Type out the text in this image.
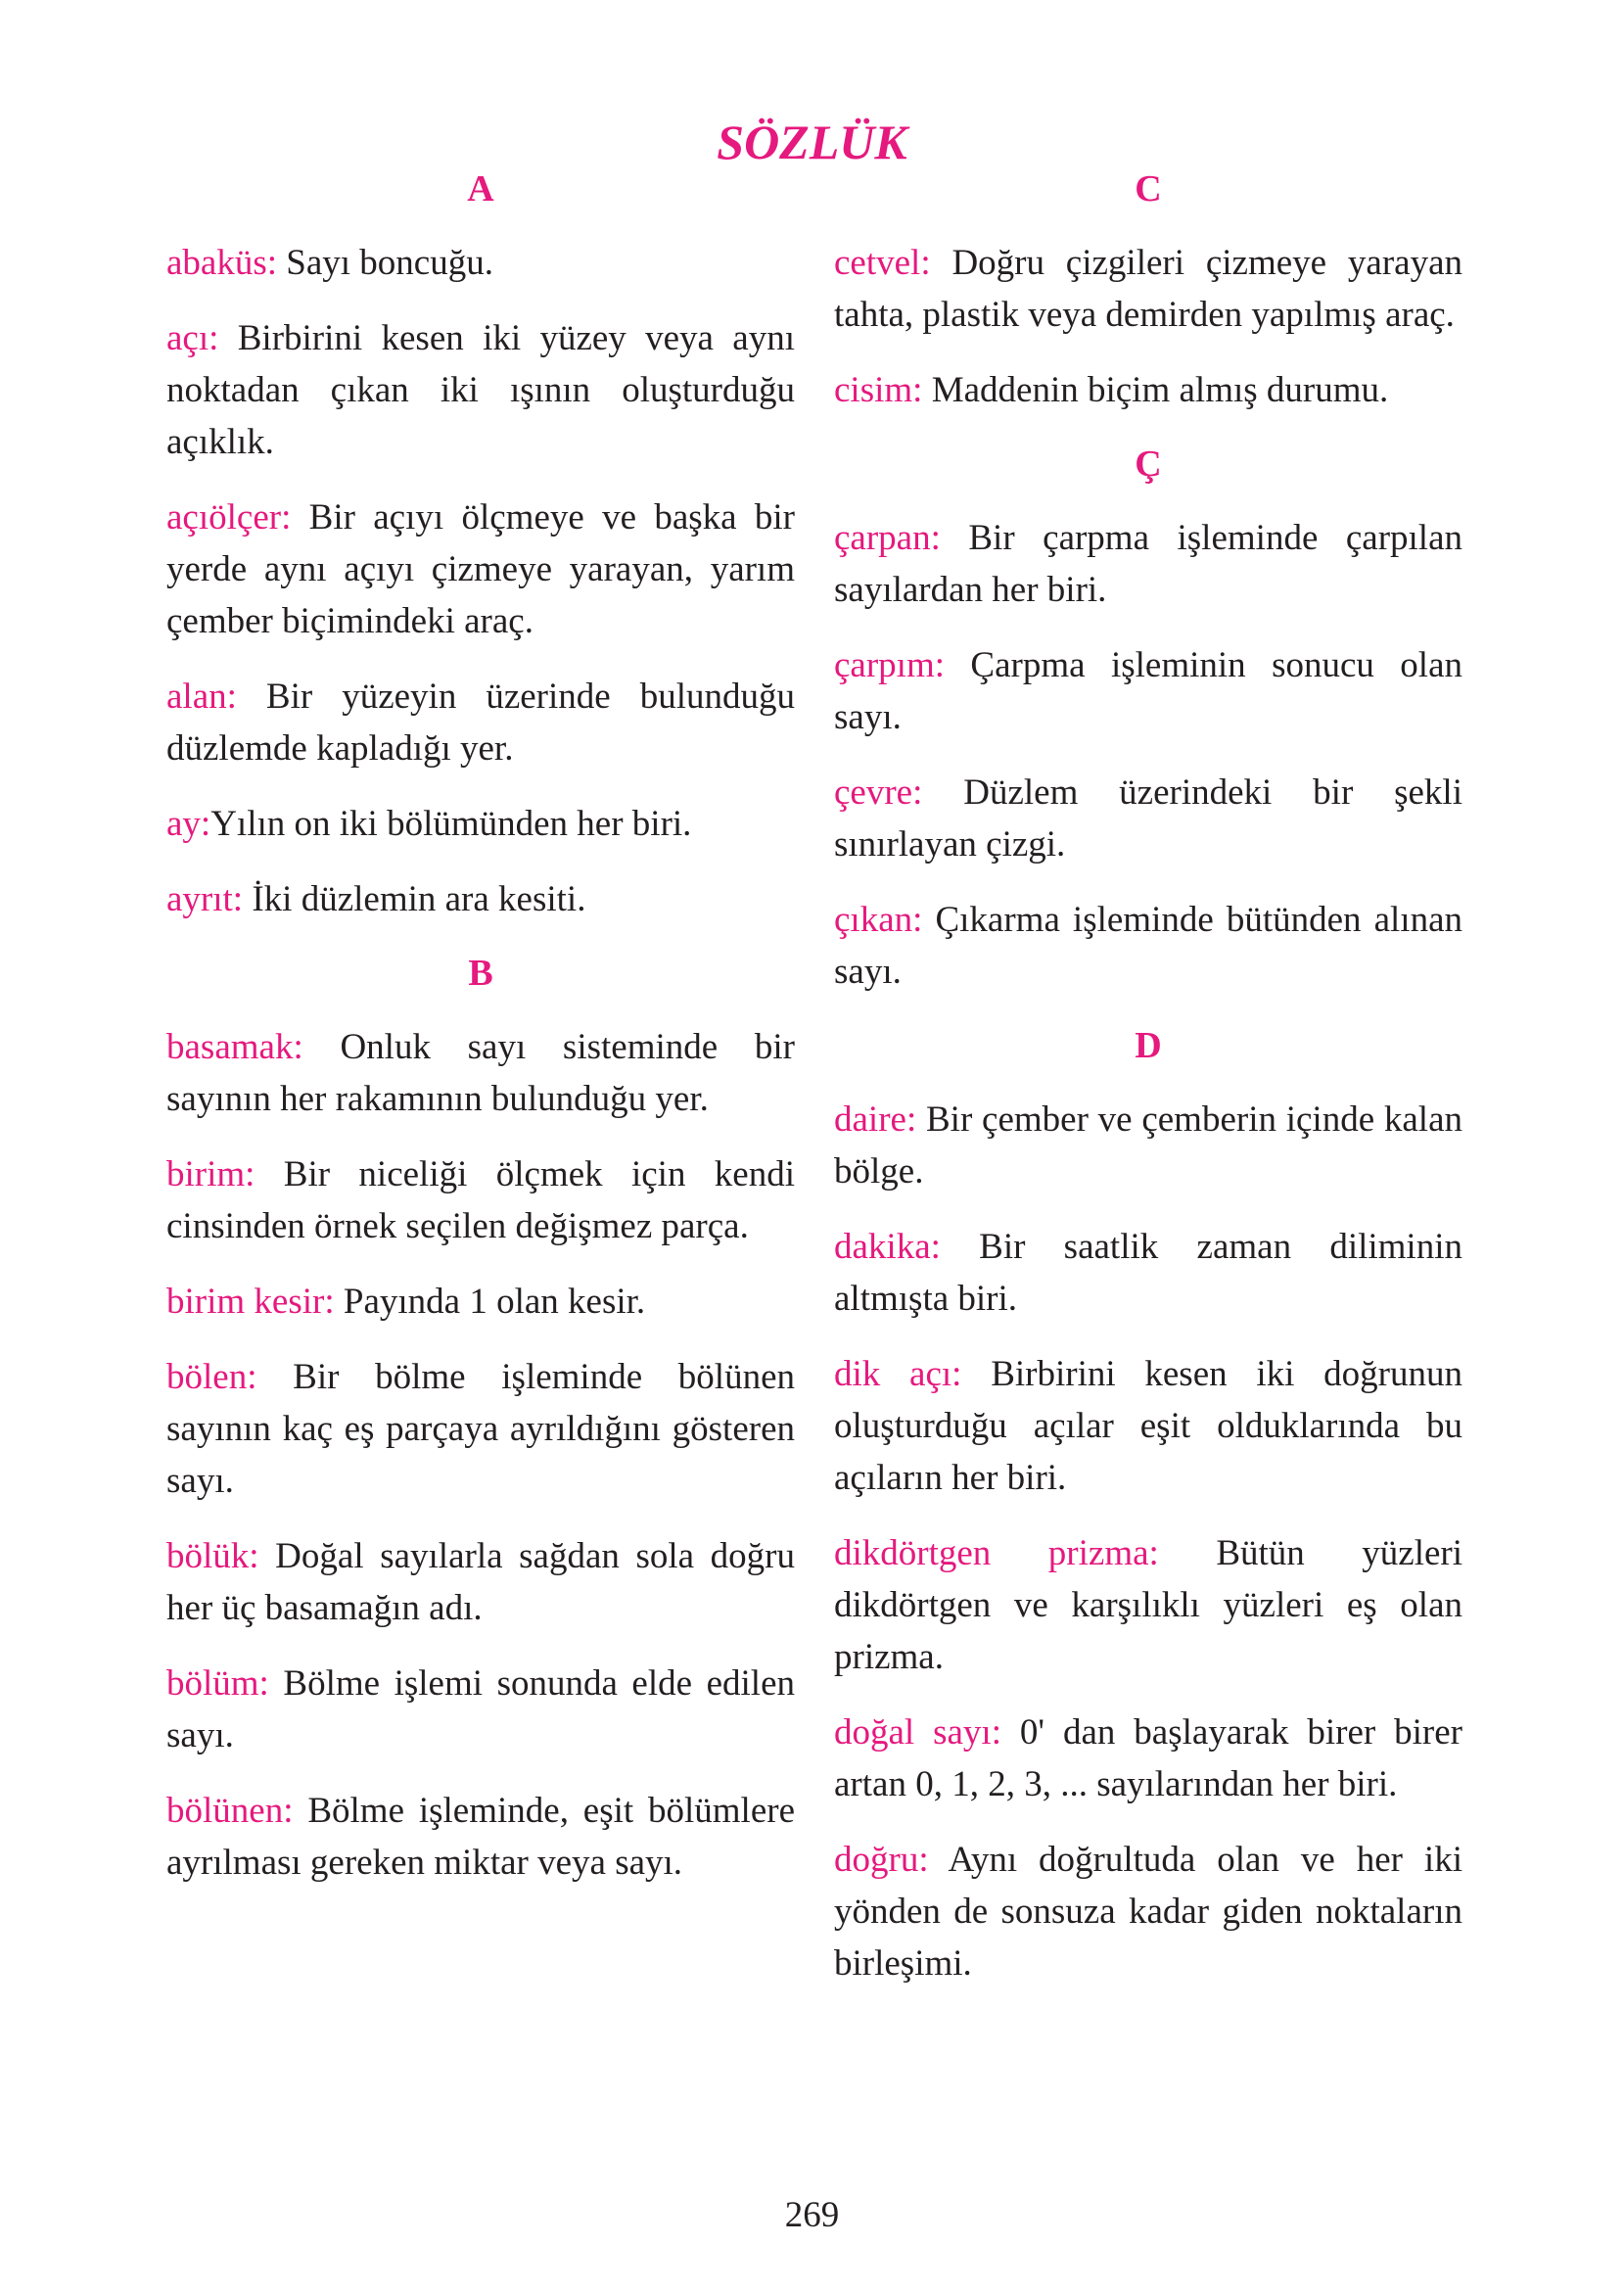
SÖZLÜK
A

abaküs: Sayı boncuğu.

açı: Birbirini kesen iki yüzey veya aynı noktadan çıkan iki ışının oluşturduğu açıklık.

açıölçer: Bir açıyı ölçmeye ve başka bir yerde aynı açıyı çizmeye yarayan, yarım çember biçimindeki araç.

alan: Bir yüzeyin üzerinde bulunduğu düzlemde kapladığı yer.

ay:Yılın on iki bölümünden her biri.

ayrıt: İki düzlemin ara kesiti.

B

basamak: Onluk sayı sisteminde bir sayının her rakamının bulunduğu yer.

birim: Bir niceliği ölçmek için kendi cinsinden örnek seçilen değişmez parça.

birim kesir: Payında 1 olan kesir.

bölen: Bir bölme işleminde bölünen sayının kaç eş parçaya ayrıldığını gösteren sayı.

bölük: Doğal sayılarla sağdan sola doğru her üç basamağın adı.

bölüm: Bölme işlemi sonunda elde edilen sayı.

bölünen: Bölme işleminde, eşit bölümlere ayrılması gereken miktar veya sayı.

C

cetvel: Doğru çizgileri çizmeye yarayan tahta, plastik veya demirden yapılmış araç.

cisim: Maddenin biçim almış durumu.

Ç

çarpan: Bir çarpma işleminde çarpılan sayılardan her biri.

çarpım: Çarpma işleminin sonucu olan sayı.

çevre: Düzlem üzerindeki bir şekli sınırlayan çizgi.

çıkan: Çıkarma işleminde bütünden alınan sayı.

D

daire: Bir çember ve çemberin içinde kalan bölge.

dakika: Bir saatlik zaman diliminin altmışta biri.

dik açı: Birbirini kesen iki doğrunun oluşturduğu açılar eşit olduklarında bu açıların her biri.

dikdörtgen prizma: Bütün yüzleri dikdörtgen ve karşılıklı yüzleri eş olan prizma.

doğal sayı: 0' dan başlayarak birer birer artan 0, 1, 2, 3, ... sayılarından her biri.

doğru: Aynı doğrultuda olan ve her iki yönden de sonsuza kadar giden noktaların birleşimi.

269
